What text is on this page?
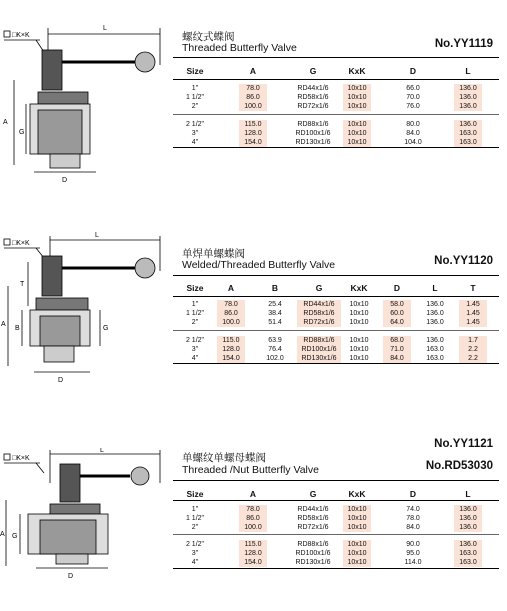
□K×K
L
A
G
D
□K×K
L
T
A
B	G
D
□K×K
L
A G
D
No.YY1119
螺纹式蝶阀
Threaded Butterfly Valve
Size	A	G	KxK	D	L
1"	78.0	RD44x1/6	10x10	66.0	136.0
1 1/2"	86.0	RD58x1/6	10x10	70.0	136.0
2"	100.0	RD72x1/6	10x10	76.0	136.0
2 1/2"	115.0	RD88x1/6	10x10	80.0	136.0
3"	128.0	RD100x1/6	10x10	84.0	163.0
4"	154.0	RD130x1/6	10x10	104.0	163.0
No.YY1120
单焊单螺蝶阀
Welded/Threaded Butterfly Valve
Size	A	B	G	KxK	D	L	T
1"	78.0	25.4	RD44x1/6	10x10	58.0	136.0	1.45
1 1/2"	86.0	38.4	RD58x1/6	10x10	60.0	136.0	1.45
2"	100.0	51.4	RD72x1/6	10x10	64.0	136.0	1.45
2 1/2"	115.0	63.9	RD88x1/6	10x10	68.0	136.0	1.7
3"	128.0	76.4	RD100x1/6	10x10	71.0	163.0	2.2
4"	154.0	102.0	RD130x1/6	10x10	84.0	163.0	2.2
No.YY1121
No.RD53030
单螺纹单螺母蝶阀
Threaded /Nut Butterfly Valve
Size	A	G	KxK	D	L
1"	78.0	RD44x1/6	10x10	74.0	136.0
1 1/2"	86.0	RD58x1/6	10x10	78.0	136.0
2"	100.0	RD72x1/6	10x10	84.0	136.0
2 1/2"	115.0	RD88x1/6	10x10	90.0	136.0
3"	128.0	RD100x1/6	10x10	95.0	163.0
4"	154.0	RD130x1/6	10x10	114.0	163.0
